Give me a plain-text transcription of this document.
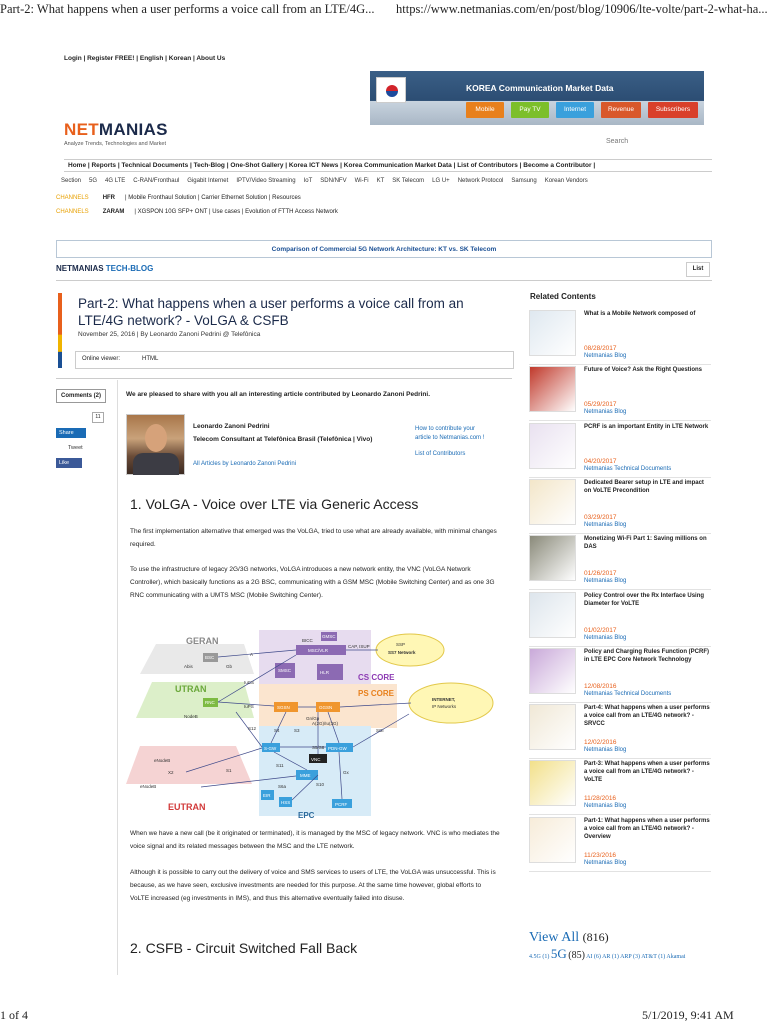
Part-2: What happens when a user performs a voice call from an LTE/4G... https://www.netmanias.com/en/post/blog/10906/lte-volte/part-2-what-ha...
Login | Register FREE! | English | Korean | About Us
KOREA Communication Market Data
Mobile	Pay TV	Internet	Revenue	Subscribers
NETMANIAS
Analyze Trends, Technologies and Market	Search
Home | Reports | Technical Documents | Tech-Blog | One-Shot Gallery | Korea ICT News | Korea Communication Market Data | List of Contributors | Become a Contributor |
Section 5G 4G LTE C-RAN/Fronthaul Gigabit Internet IPTV/Video Streaming IoT SDN/NFV Wi-Fi KT SK Telecom LG U+ Network Protocol Samsung Korean Vendors
CHANNELS HFR | Mobile Fronthaul Solution | Carrier Ethernet Solution | Resources
CHANNELS ZARAM | XGSPON 10G SFP+ ONT | Use cases | Evolution of FTTH Access Network
Comparison of Commercial 5G Network Architecture: KT vs. SK Telecom
NETMANIAS TECH-BLOG	List
Part-2: What happens when a user performs a voice call from an LTE/4G network? - VoLGA & CSFB
November 25, 2016 | By Leonardo Zanoni Pedrini @ Telefônica
Online viewer:	HTML
Comments (2)
11
Share
Tweet
Like
We are pleased to share with you all an interesting article contributed by Leonardo Zanoni Pedrini.
Leonardo Zanoni Pedrini
Telecom Consultant at Telefônica Brasil (Telefônica | Vivo)
All Articles by Leonardo Zanoni Pedrini
How to contribute your
article to Netmanias.com !
List of Contributors
1. VoLGA - Voice over LTE via Generic Access
The first implementation alternative that emerged was the VoLGA, tried to use what are already available, with minimal changes required.
To use the infrastructure of legacy 2G/3G networks, VoLGA introduces a new network entity, the VNC (VoLGA Network Controller), which basically functions as a 2G BSC, communicating with a GSM MSC (Mobile Switching Center) and as one 3G RNC communicating with a UMTS MSC (Mobile Switching Center).
GERAN
UTRAN
EUTRAN
EPC
CS CORE
PS CORE
BSC
RNC
GMSC
MSC/VLR
SMSC	HLR
SGSN	GGSN
S-GW	PDN-GW
VNC
MME
EIR
HSS	PCRF
SSP
SS7 Network
INTERNET,
IP Networks
Abis
NodeB
eNodeB
eNodeB
IuCS
IuPS
Gb
A
CAP, ISUP
BICC
S1
S11
S12	S4	S3	SGi
Gx
S6a
Gn/Gp
X2
S10
S5/S8
A(2G)/Iu(3G)
When we have a new call (be it originated or terminated), it is managed by the MSC of legacy network. VNC is who mediates the voice signal and its related messages between the MSC and the LTE network.
Although it is possible to carry out the delivery of voice and SMS services to users of LTE, the VoLGA was unsuccessful. This is because, as we have seen, exclusive investments are needed for this purpose. At the same time however, global efforts to VoLTE increased (eg investments in IMS), and thus this alternative eventually failed into disuse.
2. CSFB - Circuit Switched Fall Back
Related Contents
What is a Mobile Network composed of
08/28/2017
Netmanias Blog
Future of Voice? Ask the Right Questions
05/29/2017
Netmanias Blog
PCRF is an important Entity in LTE Network
04/20/2017
Netmanias Technical Documents
Dedicated Bearer setup in LTE and impact on VoLTE Precondition
03/29/2017
Netmanias Blog
Monetizing Wi-Fi Part 1: Saving millions on DAS
01/26/2017
Netmanias Blog
Policy Control over the Rx Interface Using Diameter for VoLTE
01/02/2017
Netmanias Blog
Policy and Charging Rules Function (PCRF) in LTE EPC Core Network Technology
12/08/2016
Netmanias Technical Documents
Part-4: What happens when a user performs a voice call from an LTE/4G network? - SRVCC
12/02/2016
Netmanias Blog
Part-3: What happens when a user performs a voice call from an LTE/4G network? - VoLTE
11/28/2016
Netmanias Blog
Part-1: What happens when a user performs a voice call from an LTE/4G network? - Overview
11/23/2016
Netmanias Blog
View All (816)
4.5G (1) 5G (85) AI (6) AR (1) ARP (3) AT&T (1) Akamai
1 of 4	5/1/2019, 9:41 AM
